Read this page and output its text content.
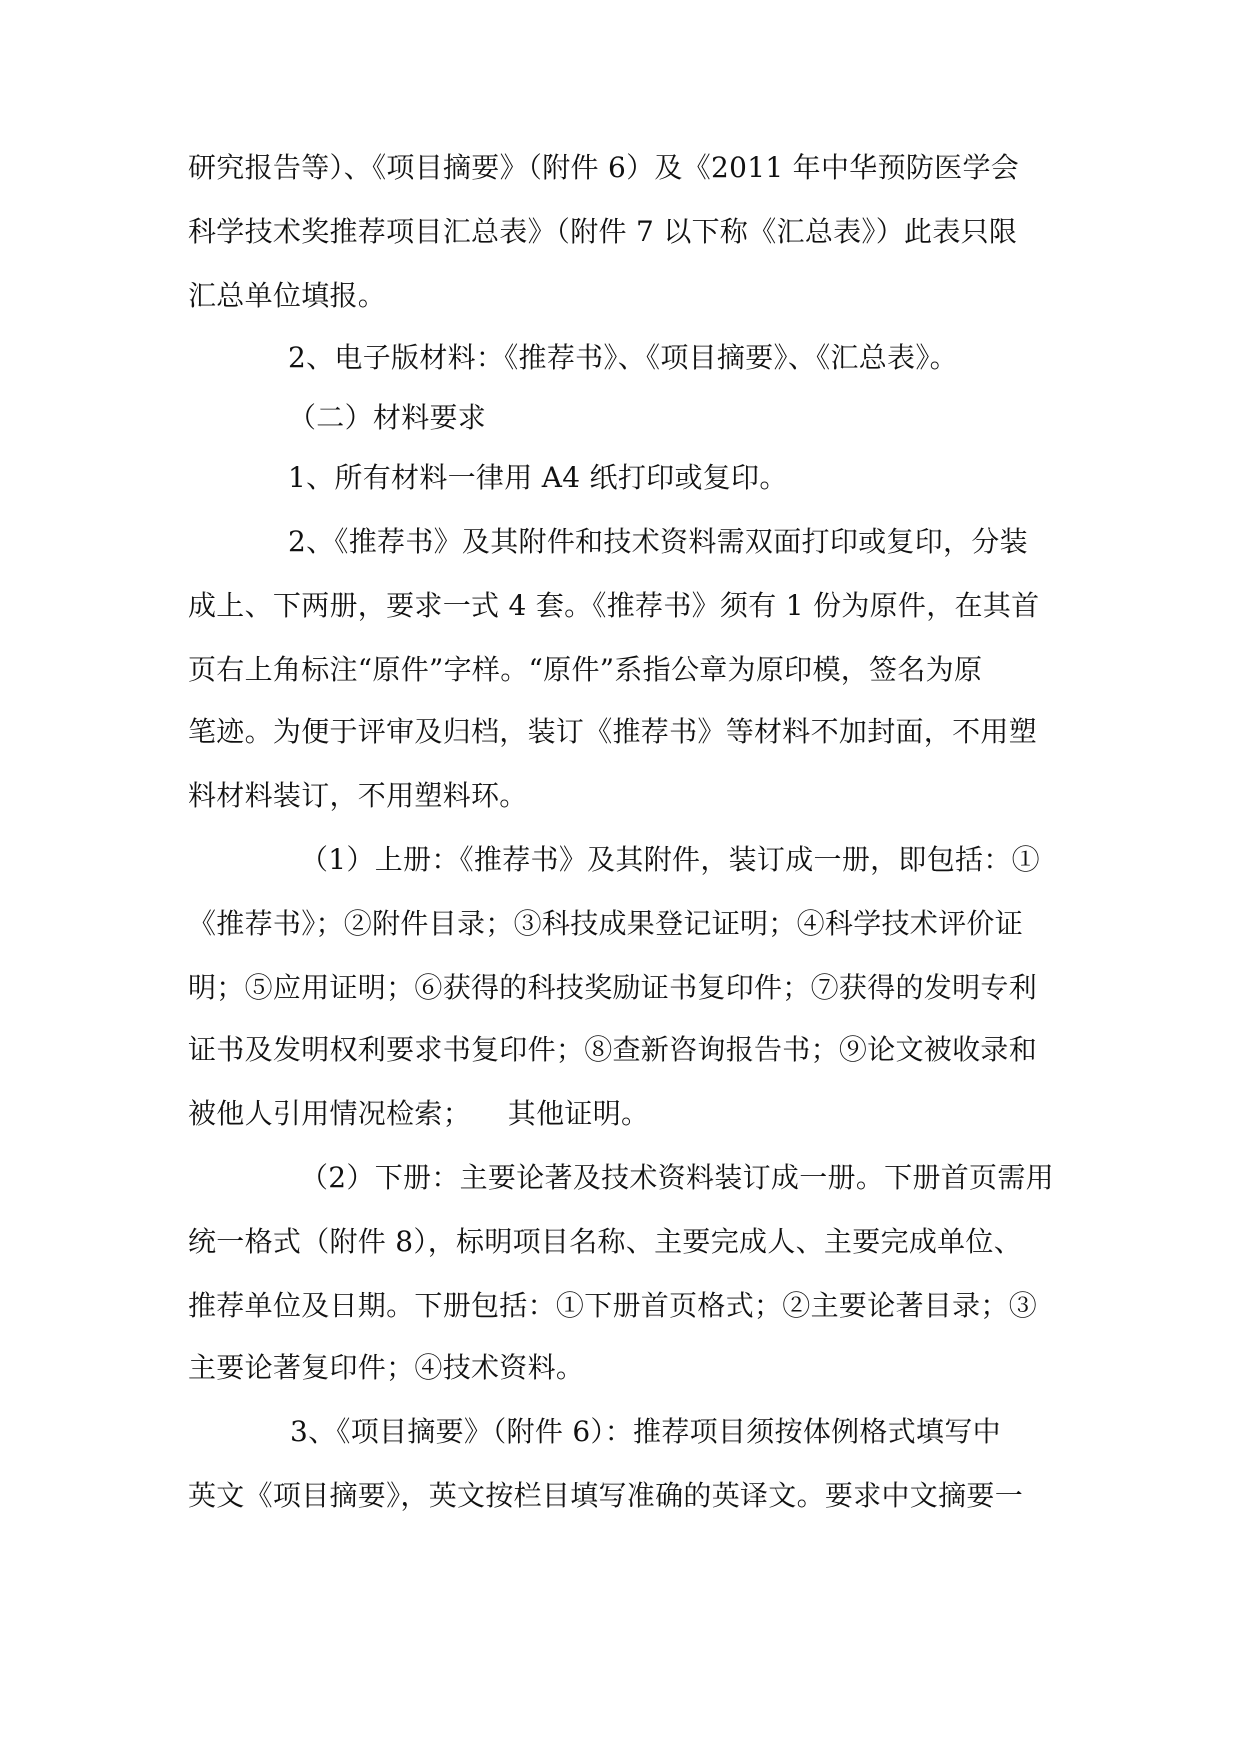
研究报告等）、《项目摘要》（附件 6）及《2011 年中华预防医学会
科学技术奖推荐项目汇总表》（附件 7 以下称《汇总表》）此表只限
汇总单位填报。
2、电子版材料：《推荐书》、《项目摘要》、《汇总表》。
（二）材料要求
1、所有材料一律用 A4 纸打印或复印。
2、《推荐书》及其附件和技术资料需双面打印或复印，分装
成上、下两册，要求一式 4 套。《推荐书》须有 1 份为原件，在其首
页右上角标注“原件”字样。“原件”系指公章为原印模，签名为原
笔迹。为便于评审及归档，装订《推荐书》等材料不加封面，不用塑
料材料装订，不用塑料环。
（1）上册：《推荐书》及其附件，装订成一册，即包括：①
《推荐书》；②附件目录；③科技成果登记证明；④科学技术评价证
明；⑤应用证明；⑥获得的科技奖励证书复印件；⑦获得的发明专利
证书及发明权利要求书复印件；⑧查新咨询报告书；⑨论文被收录和
被他人引用情况检索；    其他证明。
（2）下册：主要论著及技术资料装订成一册。下册首页需用
统一格式（附件 8），标明项目名称、主要完成人、主要完成单位、
推荐单位及日期。下册包括：①下册首页格式；②主要论著目录；③
主要论著复印件；④技术资料。
3、《项目摘要》（附件 6）：推荐项目须按体例格式填写中
英文《项目摘要》，英文按栏目填写准确的英译文。要求中文摘要一
